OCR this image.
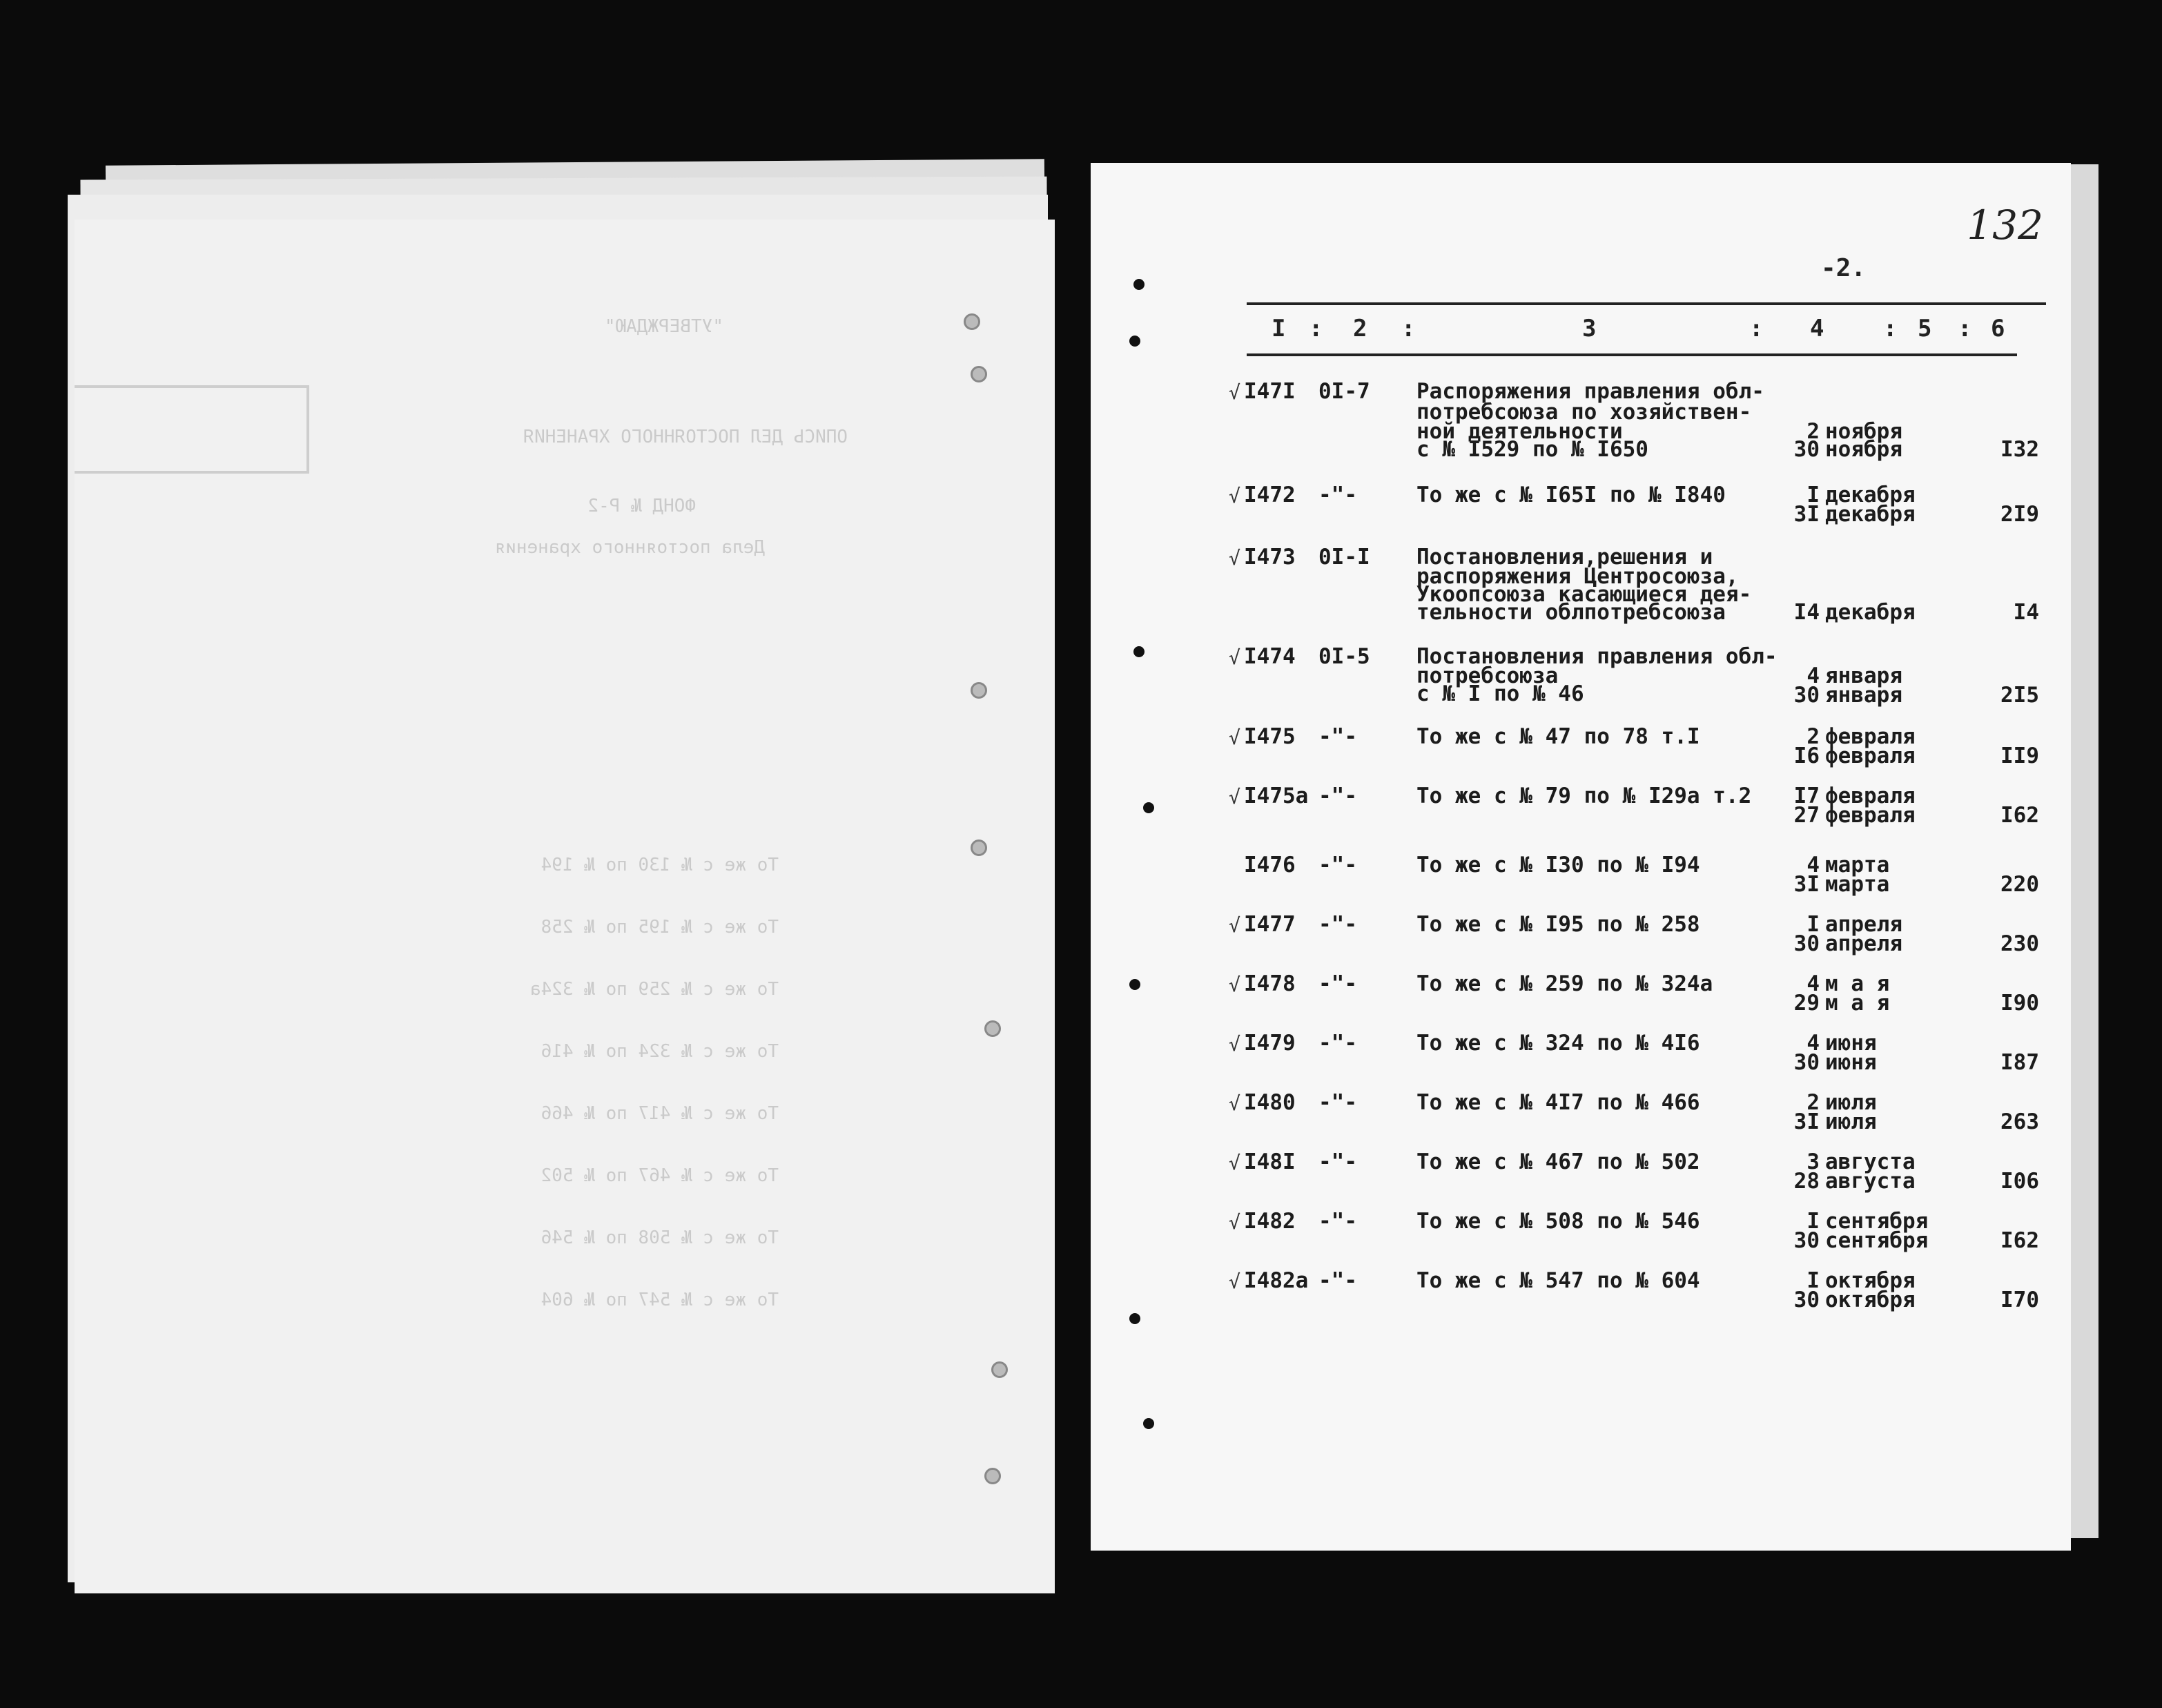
"УТВЕРЖДАЮ"
ОПИСЬ ДЕЛ ПОСТОЯННОГО ХРАНЕНИЯ
ФОНД № Р-2
Дела постоянного хранения
То же с № 130 по № 194
То же с № 195 по № 258
То же с № 259 по № 324а
То же с № 324 по № 416
То же с № 417 по № 466
То же с № 467 по № 502
То же с № 508 по № 546
То же с № 547 по № 604
132
-2.
I : 2 :	3	: 4	: 5 : 6
√ I47I 0I-7 Распоряжения правления обл-
потребсоюза по хозяйствен-
ной деятельности
с № I529 по № I650
2 ноября
30 ноября	I32
√ I472 -"-	То же с № I65I по № I840	I декабря
3I декабря	2I9
√ I473 0I-I Постановления,решения и
распоряжения Центросоюза,
Укоопсоюза касающиеся дея-
тельности облпотребсоюза	I4 декабря	I4
√ I474 0I-5 Постановления правления обл-
потребсоюза
с № I по № 46
4 января
30 января	2I5
√ I475 -"-	То же с № 47 по 78 т.I	2 февраля
I6 февраля	II9
√ I475а -"-	То же с № 79 по № I29а т.2	I7 февраля
27 февраля	I62
I476 -"-	То же с № I30 по № I94	4 марта
3I марта	220
√ I477 -"-	То же с № I95 по № 258	I апреля
30 апреля	230
√ I478 -"-	То же с № 259 по № 324а	4 м а я
29 м а я	I90
√ I479 -"-	То же с № 324 по № 4I6	4 июня
30 июня	I87
√ I480 -"-	То же с № 4I7 по № 466	2 июля
3I июля	263
√ I48I -"-	То же с № 467 по № 502	3 августа
28 августа	I06
√ I482 -"-	То же с № 508 по № 546	I сентября
30 сентября	I62
√ I482а -"-	То же с № 547 по № 604	I октября
30 октября	I70
